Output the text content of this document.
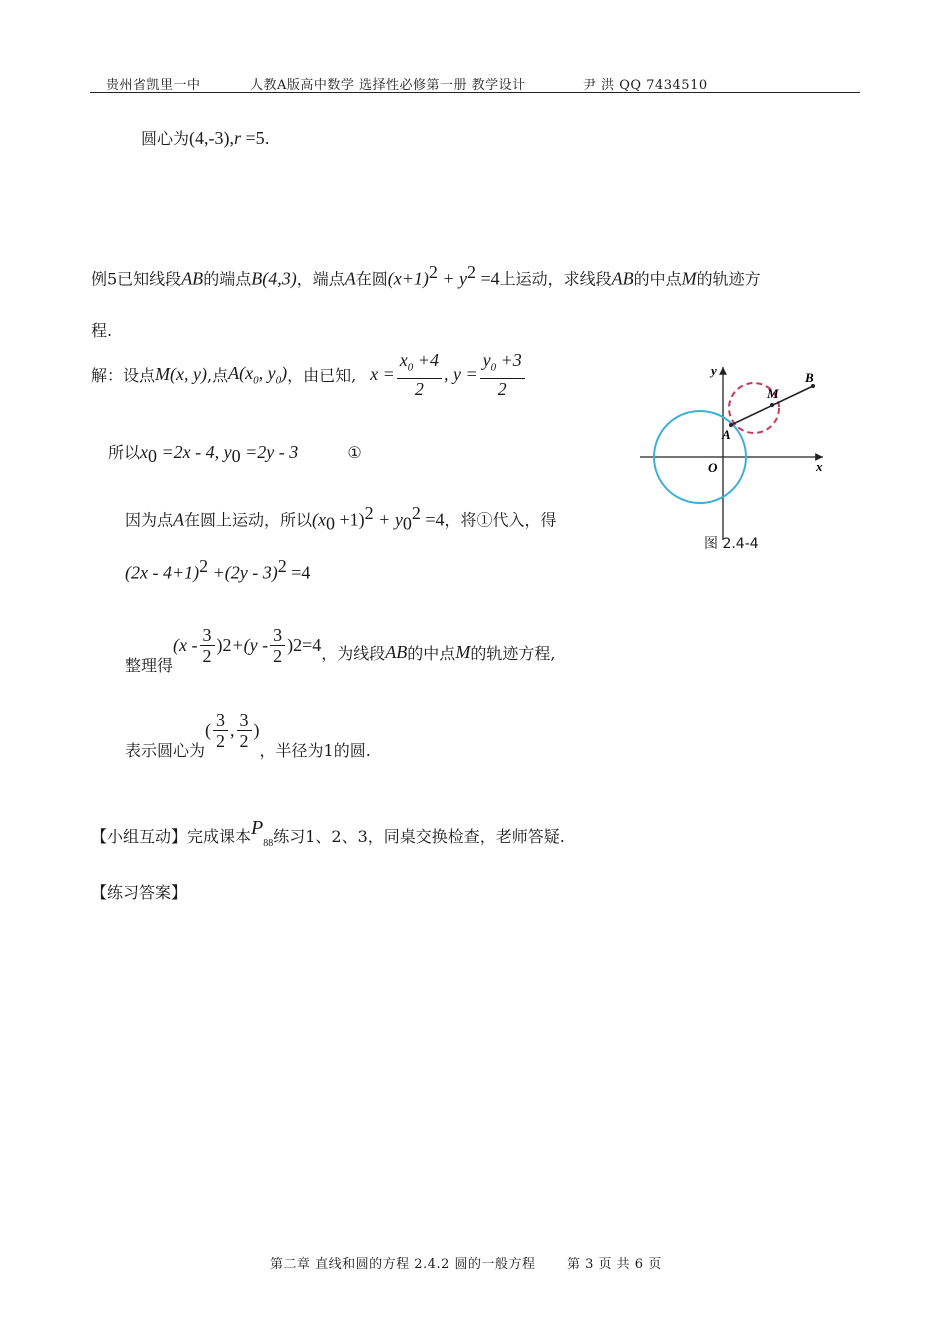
贵州省凯里一中	人教A版高中数学 选择性必修第一册 教学设计	尹 洪 QQ 7434510
圆心为(4,-3),r =5.
例5已知线段AB的端点B(4,3)，端点A在圆$(x+1)^2 + y^2 =4$上运动，求线段AB的中点M的轨迹方
程.
解：设点 M(x, y) ,点 $A(x_0$, $y_0$) ，由已知, $x = \frac{x_0 +4}{2}$ , $y = \frac{y_0 +3}{2}$
所以$x_0 =2x - 4$, $y_0 =2y - 3$	①
因为点A在圆上运动，所以$(x_0 +1)^2 + y_0^2 =4$，将①代入，得
$(2x - 4+1)^2 +(2y - 3)^2 =4$
整理得
($x - \frac{3}{2}$ ) $2 +(y - \frac{3}{2}$ ) 2 =4 ，为线段 AB 的中点 M 的轨迹方程,
表示圆心为
( $\frac{3}{2}$ , $\frac{3}{2}$ )
，半径为1的圆.
【小组互动】完成课本$P_{88}$练习1、2、3，同桌交换检查，老师答疑.
【练习答案】
y
x
O
A
M
B
图 2.4-4
第二章 直线和圆的方程 2.4.2 圆的一般方程 第 3 页 共 6 页
